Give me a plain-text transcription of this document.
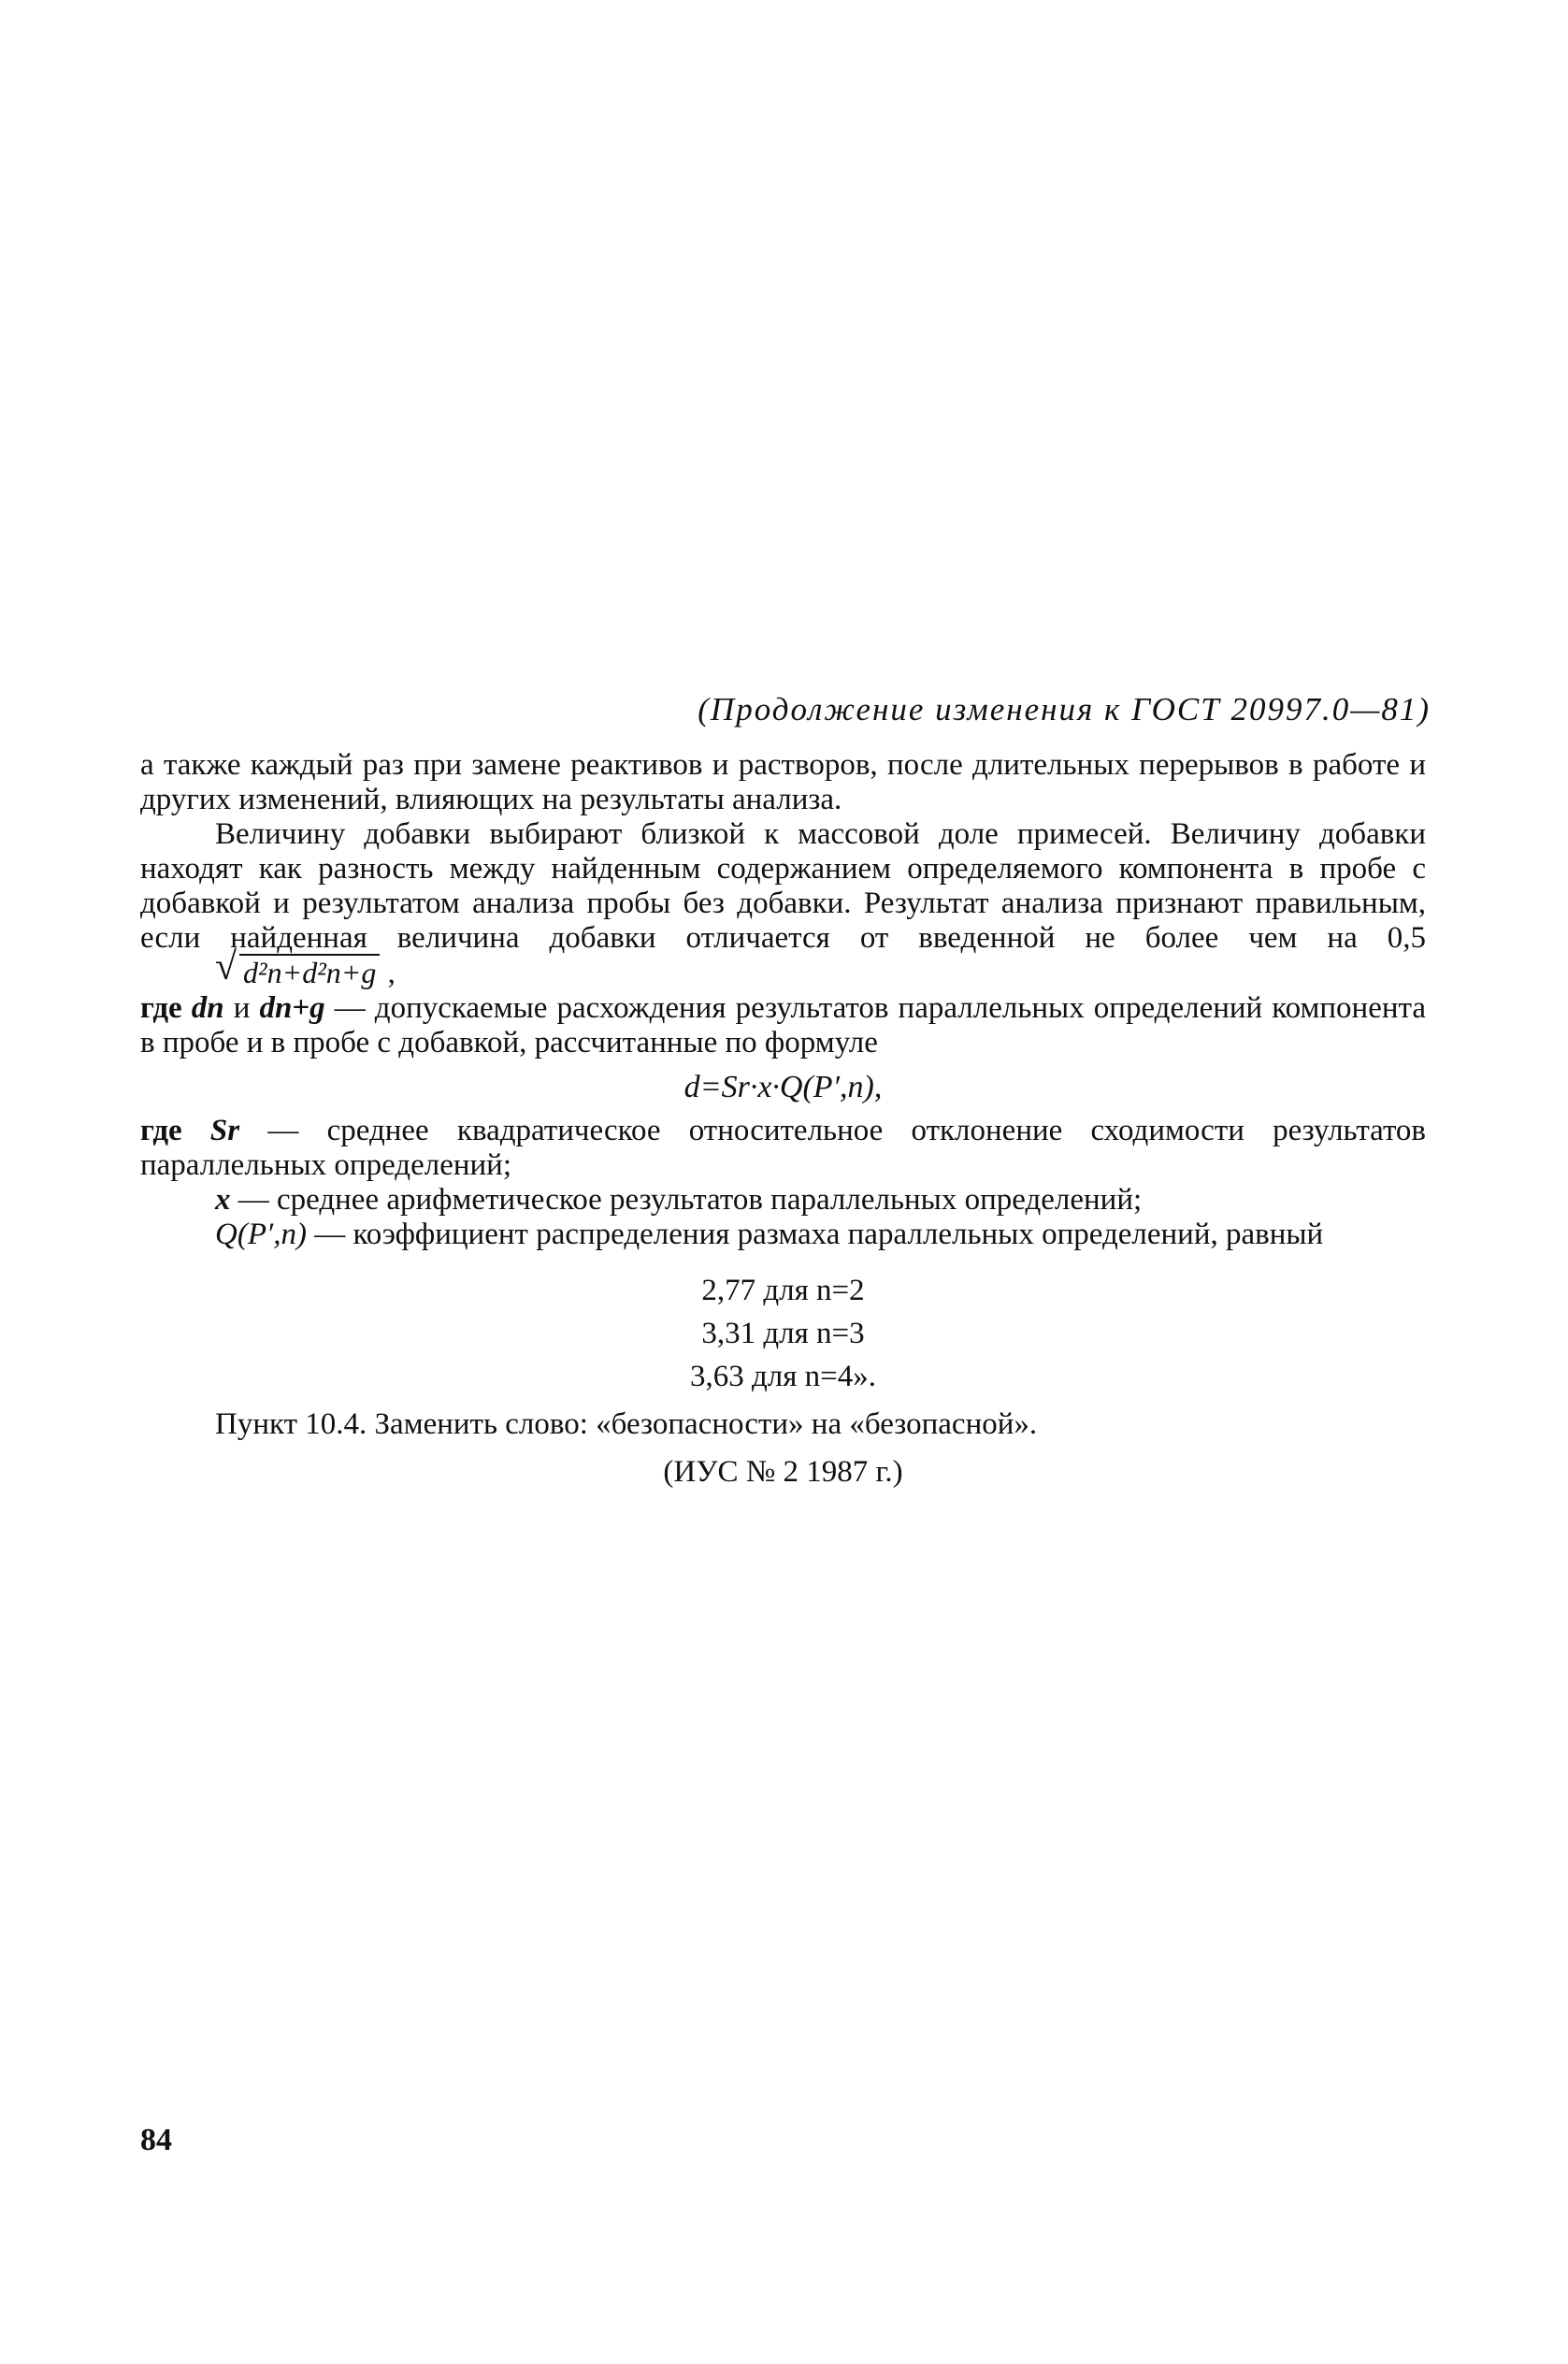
(Продолжение изменения к ГОСТ 20997.0—81)

а также каждый раз при замене реактивов и растворов, после длительных перерывов в работе и других изменений, влияющих на результаты анализа.

Величину добавки выбирают близкой к массовой доле примесей. Величину добавки находят как разность между найденным содержанием определяемого компонента в пробе с добавкой и результатом анализа пробы без добавки. Результат анализа признают правильным, если найденная величина добавки отличается от введенной не более чем на 0,5
√ d²n+d²n+g ,

где dn и dn+g — допускаемые расхождения результатов параллельных определений компонента в пробе и в пробе с добавкой, рассчитанные по формуле

d=Sr·x·Q(P′,n),

где Sr — среднее квадратическое относительное отклонение сходимости результатов параллельных определений;

x — среднее арифметическое результатов параллельных определений;

Q(P′,n) — коэффициент распределения размаха параллельных определений, равный

2,77 для n=2

3,31 для n=3

3,63 для n=4».

Пункт 10.4. Заменить слово: «безопасности» на «безопасной».

(ИУС № 2 1987 г.)

84
